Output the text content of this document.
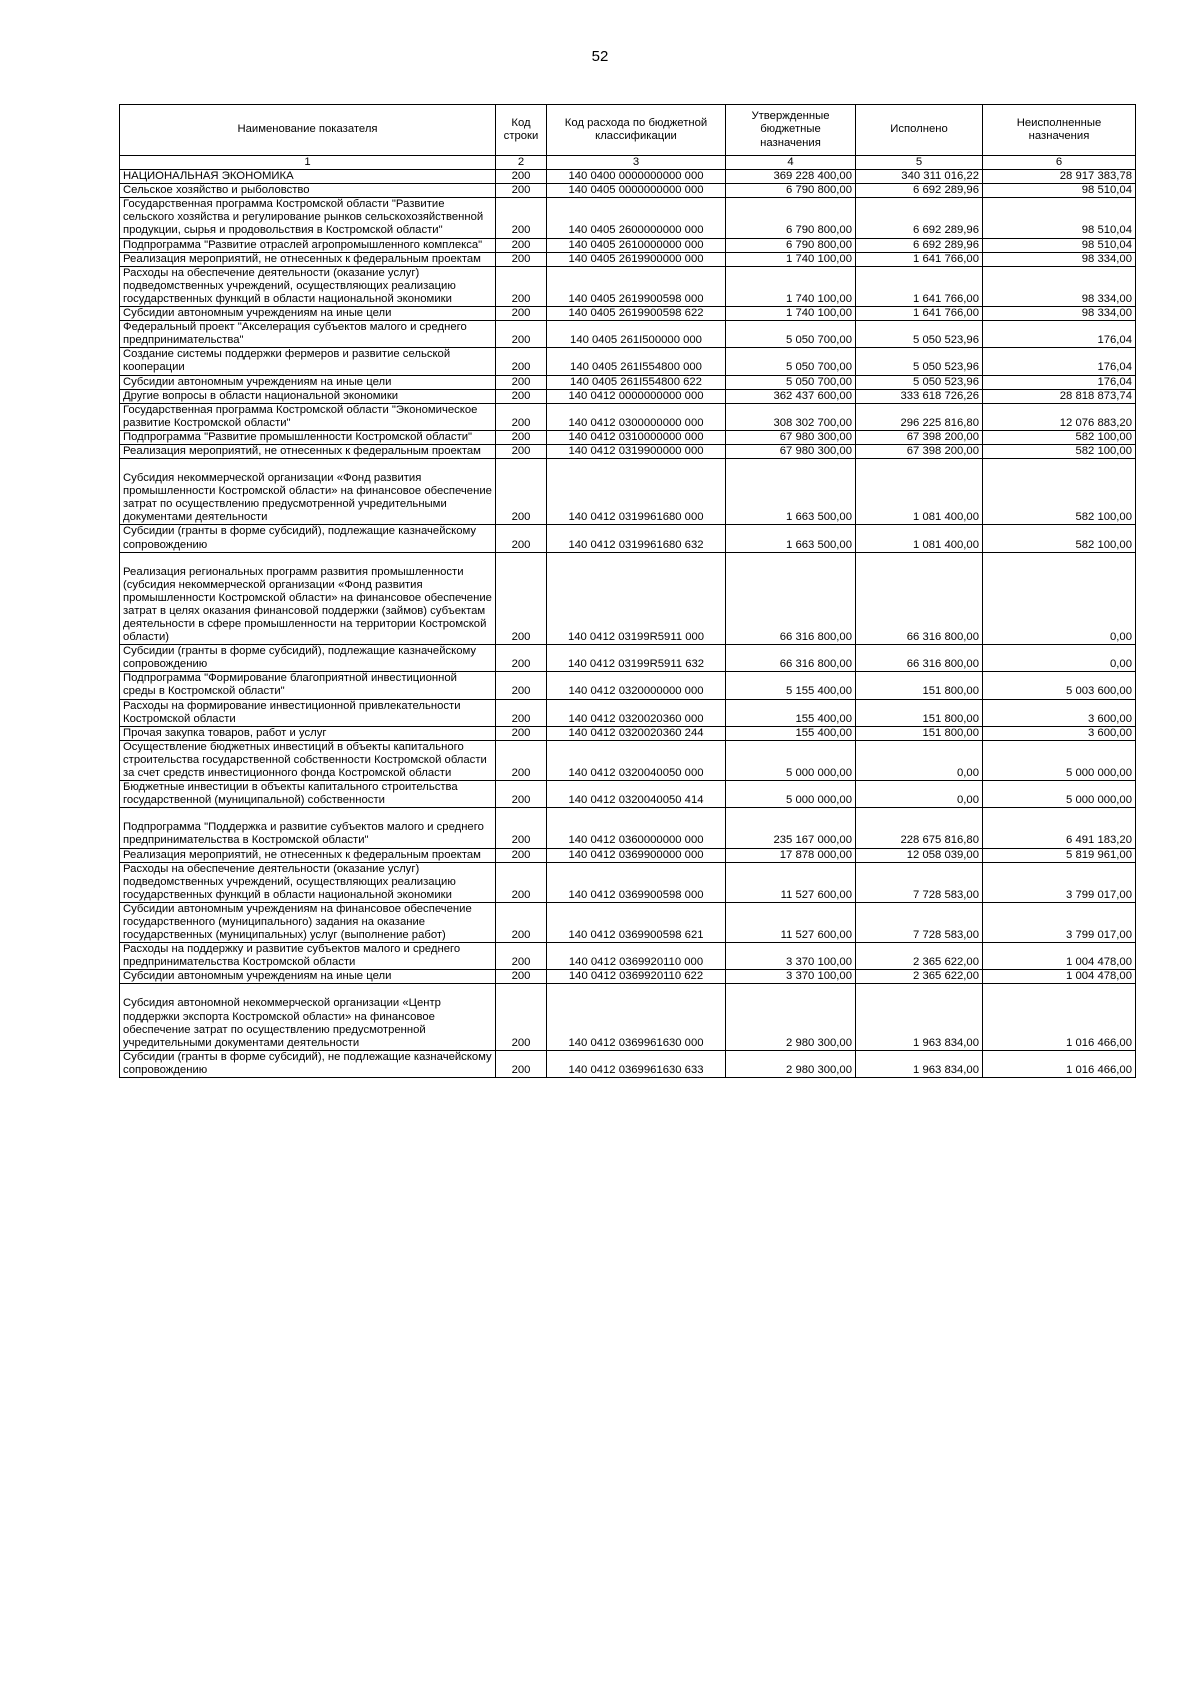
52
Наименование показателя	Код строки	Код расхода по бюджетной классификации	Утвержденные бюджетные назначения	Исполнено	Неисполненные назначения
1	2	3	4	5	6
НАЦИОНАЛЬНАЯ ЭКОНОМИКА	200	140 0400 0000000000 000	369 228 400,00	340 311 016,22	28 917 383,78
Сельское хозяйство и рыболовство	200	140 0405 0000000000 000	6 790 800,00	6 692 289,96	98 510,04
Государственная программа Костромской области "Развитие сельского хозяйства и регулирование рынков сельскохозяйственной продукции, сырья и продовольствия в Костромской области"	200	140 0405 2600000000 000	6 790 800,00	6 692 289,96	98 510,04
Подпрограмма "Развитие отраслей агропромышленного комплекса"	200	140 0405 2610000000 000	6 790 800,00	6 692 289,96	98 510,04
Реализация мероприятий, не отнесенных к федеральным проектам	200	140 0405 2619900000 000	1 740 100,00	1 641 766,00	98 334,00
Расходы на обеспечение деятельности (оказание услуг) подведомственных учреждений, осуществляющих реализацию государственных функций в области национальной экономики	200	140 0405 2619900598 000	1 740 100,00	1 641 766,00	98 334,00
Субсидии автономным учреждениям на иные цели	200	140 0405 2619900598 622	1 740 100,00	1 641 766,00	98 334,00
Федеральный проект "Акселерация субъектов малого и среднего предпринимательства"	200	140 0405 261I500000 000	5 050 700,00	5 050 523,96	176,04
Создание системы поддержки фермеров и развитие сельской кооперации	200	140 0405 261I554800 000	5 050 700,00	5 050 523,96	176,04
Субсидии автономным учреждениям на иные цели	200	140 0405 261I554800 622	5 050 700,00	5 050 523,96	176,04
Другие вопросы в области национальной экономики	200	140 0412 0000000000 000	362 437 600,00	333 618 726,26	28 818 873,74
Государственная программа Костромской области "Экономическое развитие Костромской области"	200	140 0412 0300000000 000	308 302 700,00	296 225 816,80	12 076 883,20
Подпрограмма "Развитие промышленности Костромской области"	200	140 0412 0310000000 000	67 980 300,00	67 398 200,00	582 100,00
Реализация мероприятий, не отнесенных к федеральным проектам	200	140 0412 0319900000 000	67 980 300,00	67 398 200,00	582 100,00
Субсидия некоммерческой организации «Фонд развития промышленности Костромской области» на финансовое обеспечение затрат по осуществлению предусмотренной учредительными документами деятельности	200	140 0412 0319961680 000	1 663 500,00	1 081 400,00	582 100,00
Субсидии (гранты в форме субсидий), подлежащие казначейскому сопровождению	200	140 0412 0319961680 632	1 663 500,00	1 081 400,00	582 100,00
Реализация региональных программ развития промышленности (субсидия некоммерческой организации «Фонд развития промышленности Костромской области» на финансовое обеспечение затрат в целях оказания финансовой поддержки (займов) субъектам деятельности в сфере промышленности на территории Костромской области)	200	140 0412 03199R5911 000	66 316 800,00	66 316 800,00	0,00
Субсидии (гранты в форме субсидий), подлежащие казначейскому сопровождению	200	140 0412 03199R5911 632	66 316 800,00	66 316 800,00	0,00
Подпрограмма "Формирование благоприятной инвестиционной среды в Костромской области"	200	140 0412 0320000000 000	5 155 400,00	151 800,00	5 003 600,00
Расходы на формирование инвестиционной привлекательности Костромской области	200	140 0412 0320020360 000	155 400,00	151 800,00	3 600,00
Прочая закупка товаров, работ и услуг	200	140 0412 0320020360 244	155 400,00	151 800,00	3 600,00
Осуществление бюджетных инвестиций в объекты капитального строительства государственной собственности Костромской области за счет средств инвестиционного фонда Костромской области	200	140 0412 0320040050 000	5 000 000,00	0,00	5 000 000,00
Бюджетные инвестиции в объекты капитального строительства государственной (муниципальной) собственности	200	140 0412 0320040050 414	5 000 000,00	0,00	5 000 000,00
Подпрограмма "Поддержка и развитие субъектов малого и среднего предпринимательства в Костромской области"	200	140 0412 0360000000 000	235 167 000,00	228 675 816,80	6 491 183,20
Реализация мероприятий, не отнесенных к федеральным проектам	200	140 0412 0369900000 000	17 878 000,00	12 058 039,00	5 819 961,00
Расходы на обеспечение деятельности (оказание услуг) подведомственных учреждений, осуществляющих реализацию государственных функций в области национальной экономики	200	140 0412 0369900598 000	11 527 600,00	7 728 583,00	3 799 017,00
Субсидии автономным учреждениям на финансовое обеспечение государственного (муниципального) задания на оказание государственных (муниципальных) услуг (выполнение работ)	200	140 0412 0369900598 621	11 527 600,00	7 728 583,00	3 799 017,00
Расходы на поддержку и развитие субъектов малого и среднего предпринимательства Костромской области	200	140 0412 0369920110 000	3 370 100,00	2 365 622,00	1 004 478,00
Субсидии автономным учреждениям на иные цели	200	140 0412 0369920110 622	3 370 100,00	2 365 622,00	1 004 478,00
Субсидия автономной некоммерческой организации «Центр поддержки экспорта Костромской области» на финансовое обеспечение затрат по осуществлению предусмотренной учредительными документами деятельности	200	140 0412 0369961630 000	2 980 300,00	1 963 834,00	1 016 466,00
Субсидии (гранты в форме субсидий), не подлежащие казначейскому сопровождению	200	140 0412 0369961630 633	2 980 300,00	1 963 834,00	1 016 466,00
